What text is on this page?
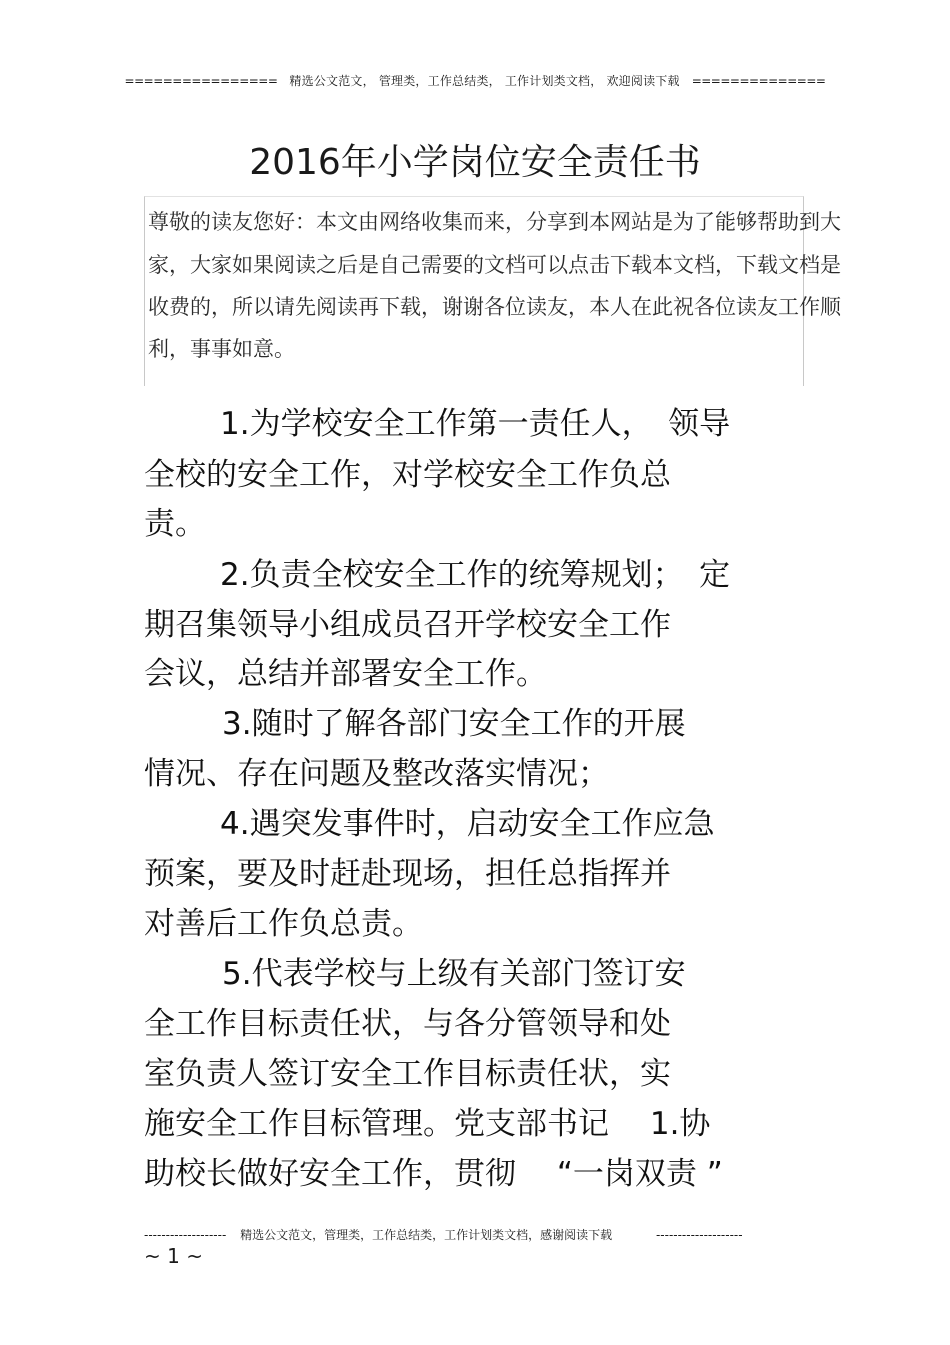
================ 精选公文范文， 管理类，工作总结类， 工作计划类文档， 欢迎阅读下载 ==============
2016年小学岗位安全责任书
尊敬的读友您好：本文由网络收集而来，分享到本网站是为了能够帮助到大
家，大家如果阅读之后是自己需要的文档可以点击下载本文档，下载文档是
收费的，所以请先阅读再下载，谢谢各位读友，本人在此祝各位读友工作顺
利，事事如意。
1.为学校安全工作第一责任人，　领导
全校的安全工作，对学校安全工作负总
责。
2.负责全校安全工作的统筹规划；　定
期召集领导小组成员召开学校安全工作
会议，总结并部署安全工作。
3.随时了解各部门安全工作的开展
情况、存在问题及整改落实情况；
4.遇突发事件时，启动安全工作应急
预案，要及时赶赴现场，担任总指挥并
对善后工作负总责。
5.代表学校与上级有关部门签订安
全工作目标责任状，与各分管领导和处
室负责人签订安全工作目标责任状，实
施安全工作目标管理。党支部书记　 1.协
助校长做好安全工作，贯彻　 “一岗双责 ”
------------------- 精选公文范文，管理类，工作总结类，工作计划类文档，感谢阅读下载	--------------------
~ 1 ~
